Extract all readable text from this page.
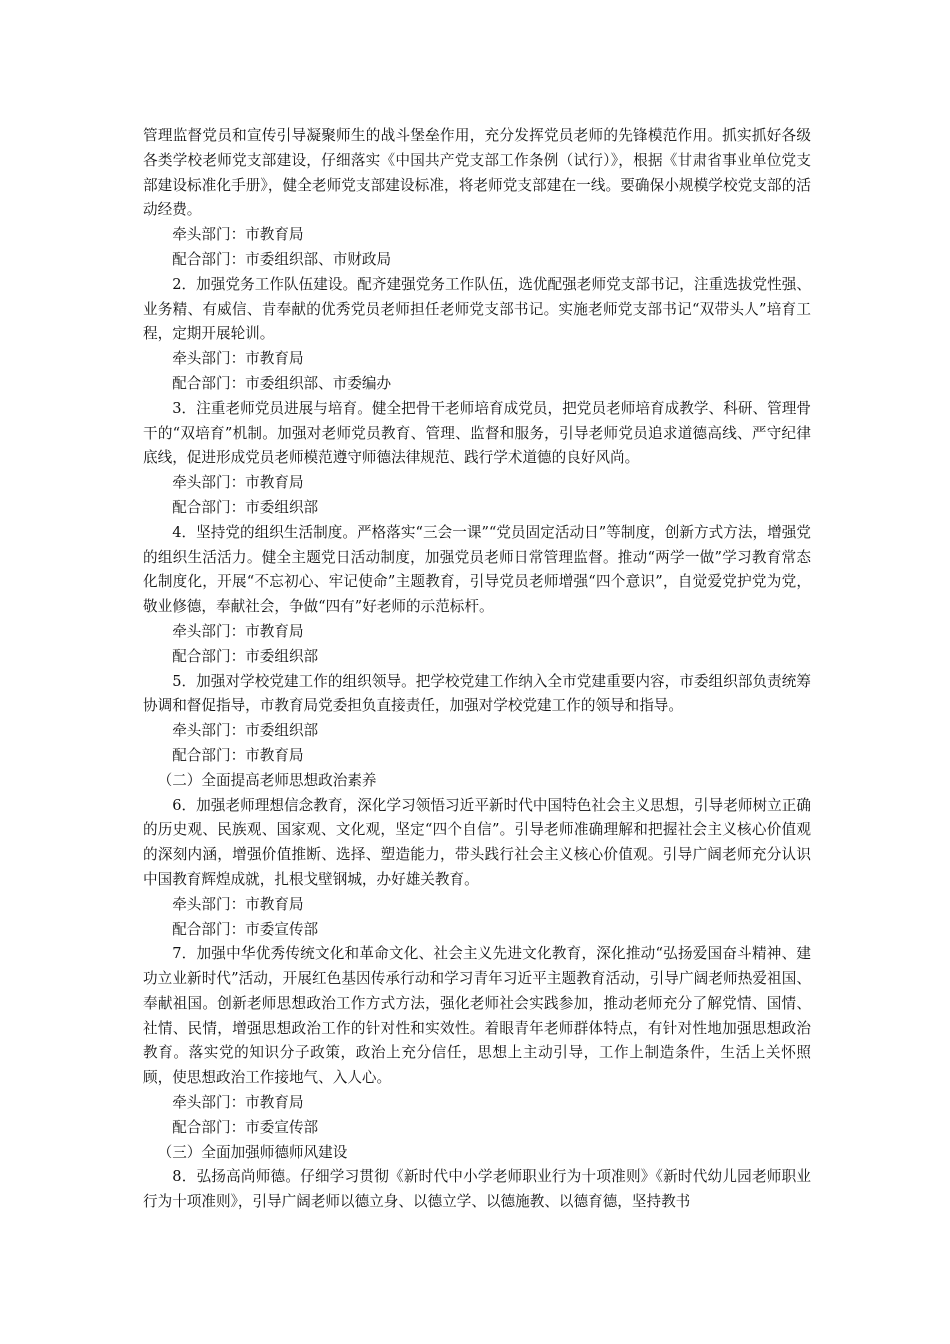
管理监督党员和宣传引导凝聚师生的战斗堡垒作用，充分发挥党员老师的先锋模范作用。抓实抓好各级各类学校老师党支部建设，仔细落实《中国共产党支部工作条例（试行）》，根据《甘肃省事业单位党支部建设标准化手册》，健全老师党支部建设标准，将老师党支部建在一线。要确保小规模学校党支部的活动经费。

牵头部门：市教育局

配合部门：市委组织部、市财政局

2．加强党务工作队伍建设。配齐建强党务工作队伍，选优配强老师党支部书记，注重选拔党性强、业务精、有威信、肯奉献的优秀党员老师担任老师党支部书记。实施老师党支部书记“双带头人”培育工程，定期开展轮训。

牵头部门：市教育局

配合部门：市委组织部、市委编办

3．注重老师党员进展与培育。健全把骨干老师培育成党员，把党员老师培育成教学、科研、管理骨干的“双培育”机制。加强对老师党员教育、管理、监督和服务，引导老师党员追求道德高线、严守纪律底线，促进形成党员老师模范遵守师德法律规范、践行学术道德的良好风尚。

牵头部门：市教育局

配合部门：市委组织部

4．坚持党的组织生活制度。严格落实“三会一课”“党员固定活动日”等制度，创新方式方法，增强党的组织生活活力。健全主题党日活动制度，加强党员老师日常管理监督。推动“两学一做”学习教育常态化制度化，开展“不忘初心、牢记使命”主题教育，引导党员老师增强“四个意识”，自觉爱党护党为党，敬业修德，奉献社会，争做“四有”好老师的示范标杆。

牵头部门：市教育局

配合部门：市委组织部

5．加强对学校党建工作的组织领导。把学校党建工作纳入全市党建重要内容，市委组织部负责统筹协调和督促指导，市教育局党委担负直接责任，加强对学校党建工作的领导和指导。

牵头部门：市委组织部

配合部门：市教育局

（二）全面提高老师思想政治素养

6．加强老师理想信念教育，深化学习领悟习近平新时代中国特色社会主义思想，引导老师树立正确的历史观、民族观、国家观、文化观，坚定“四个自信”。引导老师准确理解和把握社会主义核心价值观的深刻内涵，增强价值推断、选择、塑造能力，带头践行社会主义核心价值观。引导广阔老师充分认识中国教育辉煌成就，扎根戈壁钢城，办好雄关教育。

牵头部门：市教育局

配合部门：市委宣传部

7．加强中华优秀传统文化和革命文化、社会主义先进文化教育，深化推动“弘扬爱国奋斗精神、建功立业新时代”活动，开展红色基因传承行动和学习青年习近平主题教育活动，引导广阔老师热爱祖国、奉献祖国。创新老师思想政治工作方式方法，强化老师社会实践参加，推动老师充分了解党情、国情、社情、民情，增强思想政治工作的针对性和实效性。着眼青年老师群体特点，有针对性地加强思想政治教育。落实党的知识分子政策，政治上充分信任，思想上主动引导，工作上制造条件，生活上关怀照顾，使思想政治工作接地气、入人心。

牵头部门：市教育局

配合部门：市委宣传部

（三）全面加强师德师风建设

8．弘扬高尚师德。仔细学习贯彻《新时代中小学老师职业行为十项准则》《新时代幼儿园老师职业行为十项准则》，引导广阔老师以德立身、以德立学、以德施教、以德育德，坚持教书
